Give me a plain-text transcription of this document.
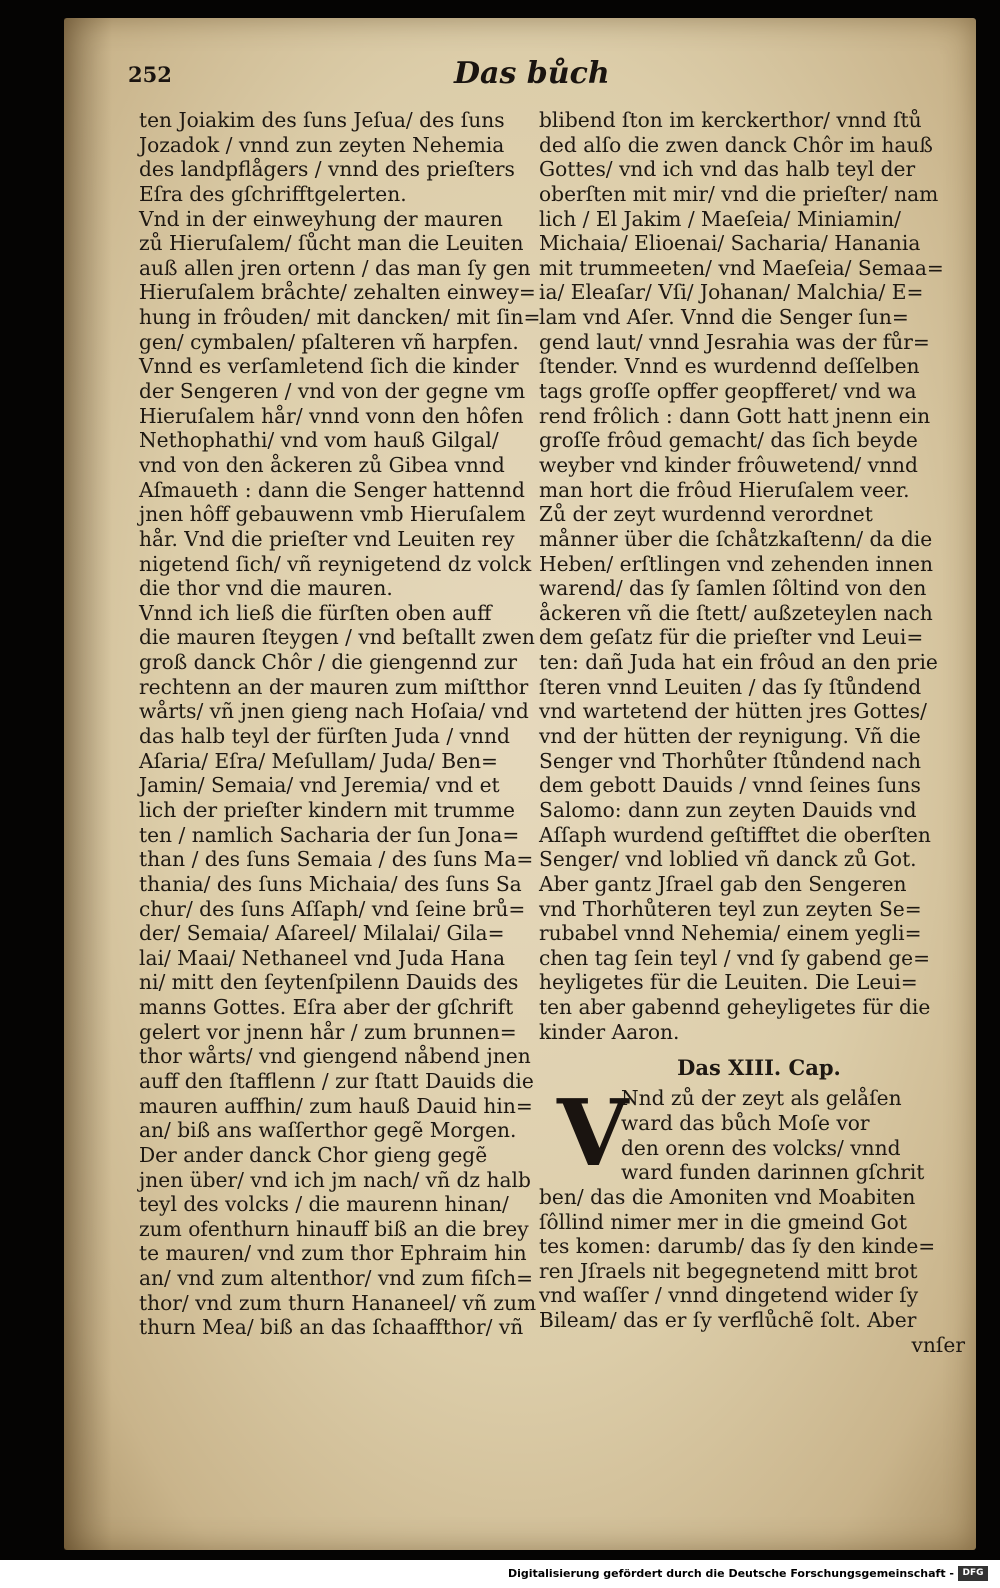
252	Das bůch
ten Joiakim des ſuns Jeſua/ des ſuns
Jozadok / vnnd zun zeyten Nehemia
des landpflågers / vnnd des prieſters
Eſra des gſchrifftgelerten.
Vnd in der einweyhung der mauren
zů Hieruſalem/ ſůcht man die Leuiten
auß allen jren ortenn / das man ſy gen
Hieruſalem bråchte/ zehalten einwey=
hung in frôuden/ mit dancken/ mit ſin=
gen/ cymbalen/ pſalteren vñ harpfen.
Vnnd es verſamletend ſich die kinder
der Sengeren / vnd von der gegne vm
Hieruſalem hår/ vnnd vonn den hôfen
Nethophathi/ vnd vom hauß Gilgal/
vnd von den åckeren zů Gibea vnnd
Aſmaueth : dann die Senger hattennd
jnen hôff gebauwenn vmb Hieruſalem
hår. Vnd die prieſter vnd Leuiten rey
nigetend ſich/ vñ reynigetend dz volck
die thor vnd die mauren.
Vnnd ich ließ die fürſten oben auff
die mauren ſteygen / vnd beſtallt zwen
groß danck Chôr / die giengennd zur
rechtenn an der mauren zum miſtthor
wårts/ vñ jnen gieng nach Hoſaia/ vnd
das halb teyl der fürſten Juda / vnnd
Aſaria/ Eſra/ Meſullam/ Juda/ Ben=
Jamin/ Semaia/ vnd Jeremia/ vnd et
lich der prieſter kindern mit trumme
ten / namlich Sacharia der ſun Jona=
than / des ſuns Semaia / des ſuns Ma=
thania/ des ſuns Michaia/ des ſuns Sa
chur/ des ſuns Aſſaph/ vnd ſeine brů=
der/ Semaia/ Aſareel/ Milalai/ Gila=
lai/ Maai/ Nethaneel vnd Juda Hana
ni/ mitt den ſeytenſpilenn Dauids des
manns Gottes. Eſra aber der gſchrift
gelert vor jnenn hår / zum brunnen=
thor wårts/ vnd giengend nåbend jnen
auff den ſtafflenn / zur ſtatt Dauids die
mauren auffhin/ zum hauß Dauid hin=
an/ biß ans waſſerthor gegẽ Morgen.
Der ander danck Chor gieng gegẽ
jnen über/ vnd ich jm nach/ vñ dz halb
teyl des volcks / die maurenn hinan/
zum ofenthurn hinauff biß an die brey
te mauren/ vnd zum thor Ephraim hin
an/ vnd zum altenthor/ vnd zum fiſch=
thor/ vnd zum thurn Hananeel/ vñ zum
thurn Mea/ biß an das ſchaaffthor/ vñ
blibend ſton im kerckerthor/ vnnd ſtů
ded alſo die zwen danck Chôr im hauß
Gottes/ vnd ich vnd das halb teyl der
oberſten mit mir/ vnd die prieſter/ nam
lich / El Jakim / Maeſeia/ Miniamin/
Michaia/ Elioenai/ Sacharia/ Hanania
mit trummeeten/ vnd Maeſeia/ Semaa=
ia/ Eleaſar/ Vſi/ Johanan/ Malchia/ E=
lam vnd Aſer. Vnnd die Senger ſun=
gend laut/ vnnd Jesrahia was der fůr=
ſtender. Vnnd es wurdennd deſſelben
tags groſſe opffer geopfferet/ vnd wa
rend frôlich : dann Gott hatt jnenn ein
groſſe frôud gemacht/ das ſich beyde
weyber vnd kinder frôuwetend/ vnnd
man hort die frôud Hieruſalem veer.
Zů der zeyt wurdennd verordnet
månner über die ſchåtzkaſtenn/ da die
Heben/ erſtlingen vnd zehenden innen
warend/ das ſy ſamlen ſôltind von den
åckeren vñ die ſtett/ außzeteylen nach
dem geſatz für die prieſter vnd Leui=
ten: dañ Juda hat ein frôud an den prie
ſteren vnnd Leuiten / das ſy ſtůndend
vnd wartetend der hütten jres Gottes/
vnd der hütten der reynigung. Vñ die
Senger vnd Thorhůter ſtůndend nach
dem gebott Dauids / vnnd ſeines ſuns
Salomo: dann zun zeyten Dauids vnd
Aſſaph wurdend geſtifftet die oberſten
Senger/ vnd loblied vñ danck zů Got.
Aber gantz Jſrael gab den Sengeren
vnd Thorhůteren teyl zun zeyten Se=
rubabel vnnd Nehemia/ einem yegli=
chen tag ſein teyl / vnd ſy gabend ge=
heyligetes für die Leuiten. Die Leui=
ten aber gabennd geheyligetes für die
kinder Aaron.
Das XIII. Cap.
V
Nnd zů der zeyt als gelåſen
ward das bůch Moſe vor
den orenn des volcks/ vnnd
ward funden darinnen gſchrit
ben/ das die Amoniten vnd Moabiten
ſôllind nimer mer in die gmeind Got
tes komen: darumb/ das ſy den kinde=
ren Jſraels nit begegnetend mitt brot
vnd waſſer / vnnd dingetend wider ſy
Bileam/ das er ſy verflůchẽ ſolt. Aber
vnſer
Digitalisierung gefördert durch die Deutsche Forschungsgemeinschaft - DFG
